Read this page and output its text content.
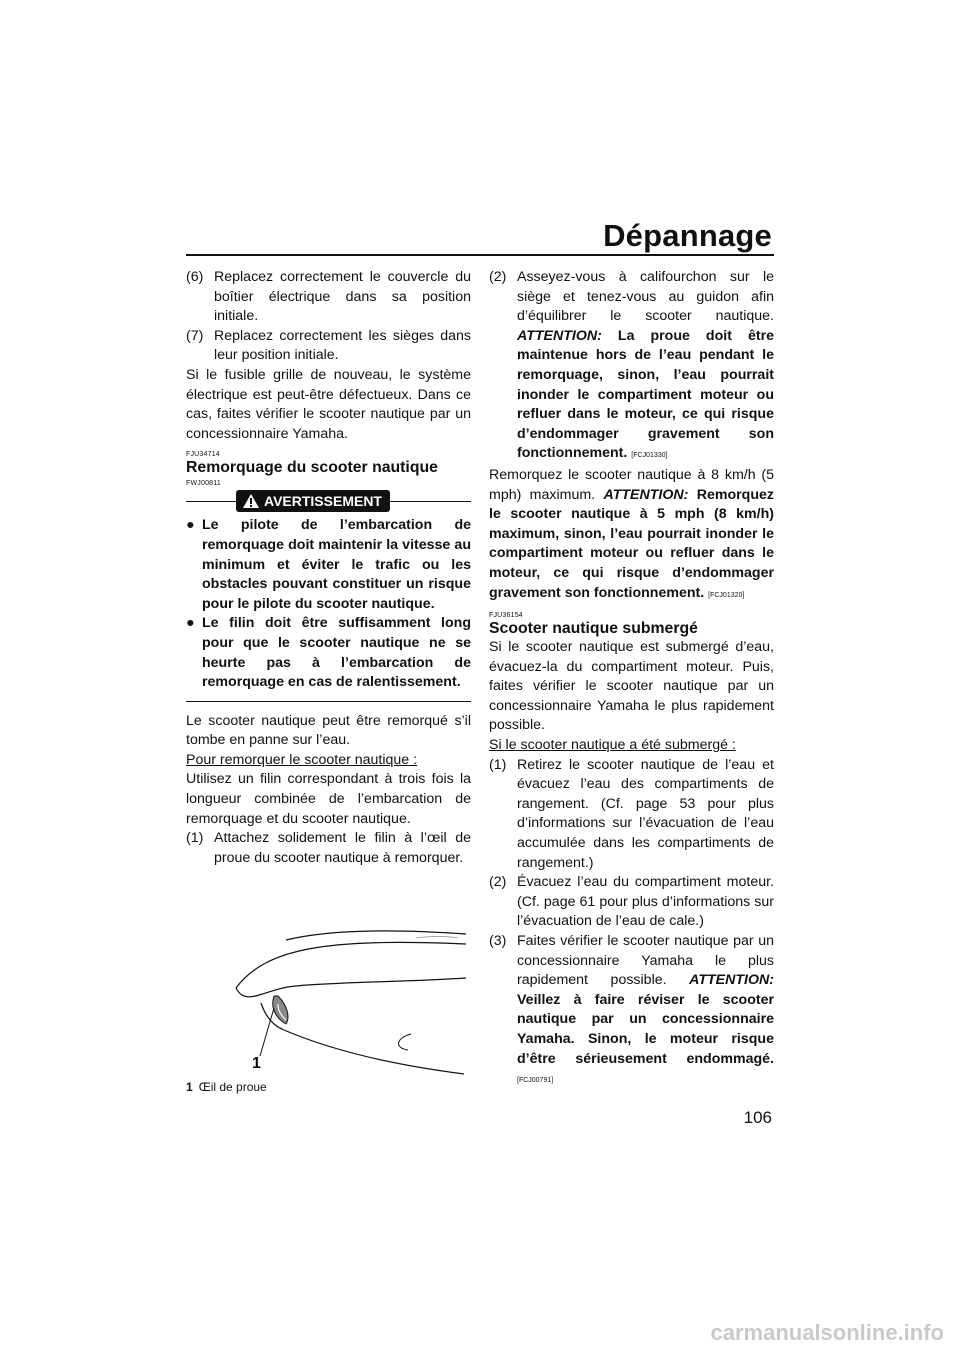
Dépannage
(6) Replacez correctement le couvercle du boîtier électrique dans sa position initiale.
(7) Replacez correctement les sièges dans leur position initiale.

Si le fusible grille de nouveau, le système électrique est peut-être défectueux. Dans ce cas, faites vérifier le scooter nautique par un concessionnaire Yamaha.

FJU34714
Remorquage du scooter nautique
FWJ00811
AVERTISSEMENT
● Le pilote de l’embarcation de remorquage doit maintenir la vitesse au minimum et éviter le trafic ou les obstacles pouvant constituer un risque pour le pilote du scooter nautique.
● Le filin doit être suffisamment long pour que le scooter nautique ne se heurte pas à l’embarcation de remorquage en cas de ralentissement.

Le scooter nautique peut être remorqué s’il tombe en panne sur l’eau.

Pour remorquer le scooter nautique :

Utilisez un filin correspondant à trois fois la longueur combinée de l’embarcation de remorquage et du scooter nautique.

(1) Attachez solidement le filin à l’œil de proue du scooter nautique à remorquer.
1
1 Œil de proue
(2) Asseyez-vous à califourchon sur le siège et tenez-vous au guidon afin d’équilibrer le scooter nautique. ATTENTION: La proue doit être maintenue hors de l’eau pendant le remorquage, sinon, l’eau pourrait inonder le compartiment moteur ou refluer dans le moteur, ce qui risque d’endommager gravement son fonctionnement. [FCJ01330]

Remorquez le scooter nautique à 8 km/h (5 mph) maximum. ATTENTION: Remorquez le scooter nautique à 5 mph (8 km/h) maximum, sinon, l’eau pourrait inonder le compartiment moteur ou refluer dans le moteur, ce qui risque d’endommager gravement son fonctionnement. [FCJ01320]

FJU36154
Scooter nautique submergé

Si le scooter nautique est submergé d’eau, évacuez-la du compartiment moteur. Puis, faites vérifier le scooter nautique par un concessionnaire Yamaha le plus rapidement possible.

Si le scooter nautique a été submergé :

(1) Retirez le scooter nautique de l’eau et évacuez l’eau des compartiments de rangement. (Cf. page 53 pour plus d’informations sur l’évacuation de l’eau accumulée dans les compartiments de rangement.)
(2) Évacuez l’eau du compartiment moteur. (Cf. page 61 pour plus d’informations sur l’évacuation de l’eau de cale.)
(3) Faites vérifier le scooter nautique par un concessionnaire Yamaha le plus rapidement possible. ATTENTION: Veillez à faire réviser le scooter nautique par un concessionnaire Yamaha. Sinon, le moteur risque d’être sérieusement endommagé. [FCJ00791]
106
carmanualsonline.info
